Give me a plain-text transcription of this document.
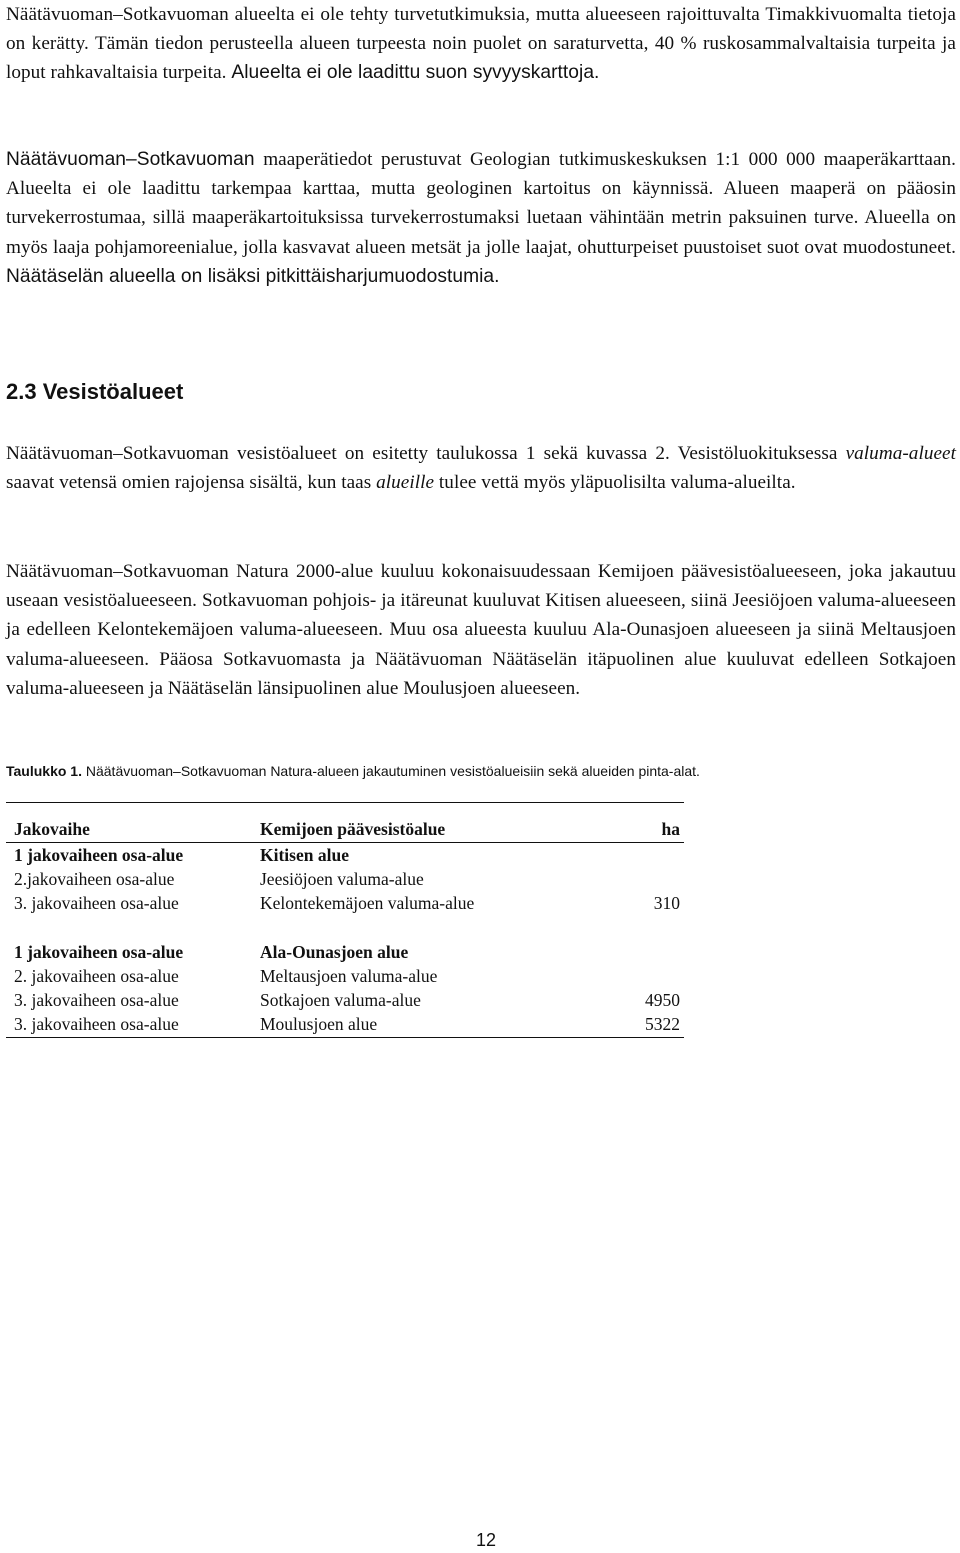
Näätävuoman–Sotkavuoman alueelta ei ole tehty turvetutkimuksia, mutta alueeseen rajoittuvalta Timakkivuomalta tietoja on kerätty. Tämän tiedon perusteella alueen turpeesta noin puolet on saraturvetta, 40 % ruskosammalvaltaisia turpeita ja loput rahkavaltaisia turpeita. Alueelta ei ole laadittu suon syvyyskarttoja.

Näätävuoman–Sotkavuoman maaperätiedot perustuvat Geologian tutkimuskeskuksen 1:1 000 000 maaperäkarttaan. Alueelta ei ole laadittu tarkempaa karttaa, mutta geologinen kartoitus on käynnissä. Alueen maaperä on pääosin turvekerrostumaa, sillä maaperäkartoituksissa turvekerrostumaksi luetaan vähintään metrin paksuinen turve. Alueella on myös laaja pohjamoreenialue, jolla kasvavat alueen metsät ja jolle laajat, ohutturpeiset puustoiset suot ovat muodostuneet. Näätäselän alueella on lisäksi pitkittäisharjumuodostumia.

2.3 Vesistöalueet

Näätävuoman–Sotkavuoman vesistöalueet on esitetty taulukossa 1 sekä kuvassa 2. Vesistöluokituksessa valuma-alueet saavat vetensä omien rajojensa sisältä, kun taas alueille tulee vettä myös yläpuolisilta valuma-alueilta.

Näätävuoman–Sotkavuoman Natura 2000-alue kuuluu kokonaisuudessaan Kemijoen päävesistöalueeseen, joka jakautuu useaan vesistöalueeseen. Sotkavuoman pohjois- ja itäreunat kuuluvat Kitisen alueeseen, siinä Jeesiöjoen valuma-alueeseen ja edelleen Kelontekemäjoen valuma-alueeseen. Muu osa alueesta kuuluu Ala-Ounasjoen alueeseen ja siinä Meltausjoen valuma-alueeseen. Pääosa Sotkavuomasta ja Näätävuoman Näätäselän itäpuolinen alue kuuluvat edelleen Sotkajoen valuma-alueeseen ja Näätäselän länsipuolinen alue Moulusjoen alueeseen.

Taulukko 1. Näätävuoman–Sotkavuoman Natura-alueen jakautuminen vesistöalueisiin sekä alueiden pinta-alat.
Jakovaihe	Kemijoen päävesistöalue	ha
1 jakovaiheen osa-alue	Kitisen alue	
2.jakovaiheen osa-alue	Jeesiöjoen valuma-alue	
3. jakovaiheen osa-alue	Kelontekemäjoen valuma-alue	310

1 jakovaiheen osa-alue	Ala-Ounasjoen alue	
2. jakovaiheen osa-alue	Meltausjoen valuma-alue	
3. jakovaiheen osa-alue	Sotkajoen valuma-alue	4950
3. jakovaiheen osa-alue	Moulusjoen alue	5322
12
